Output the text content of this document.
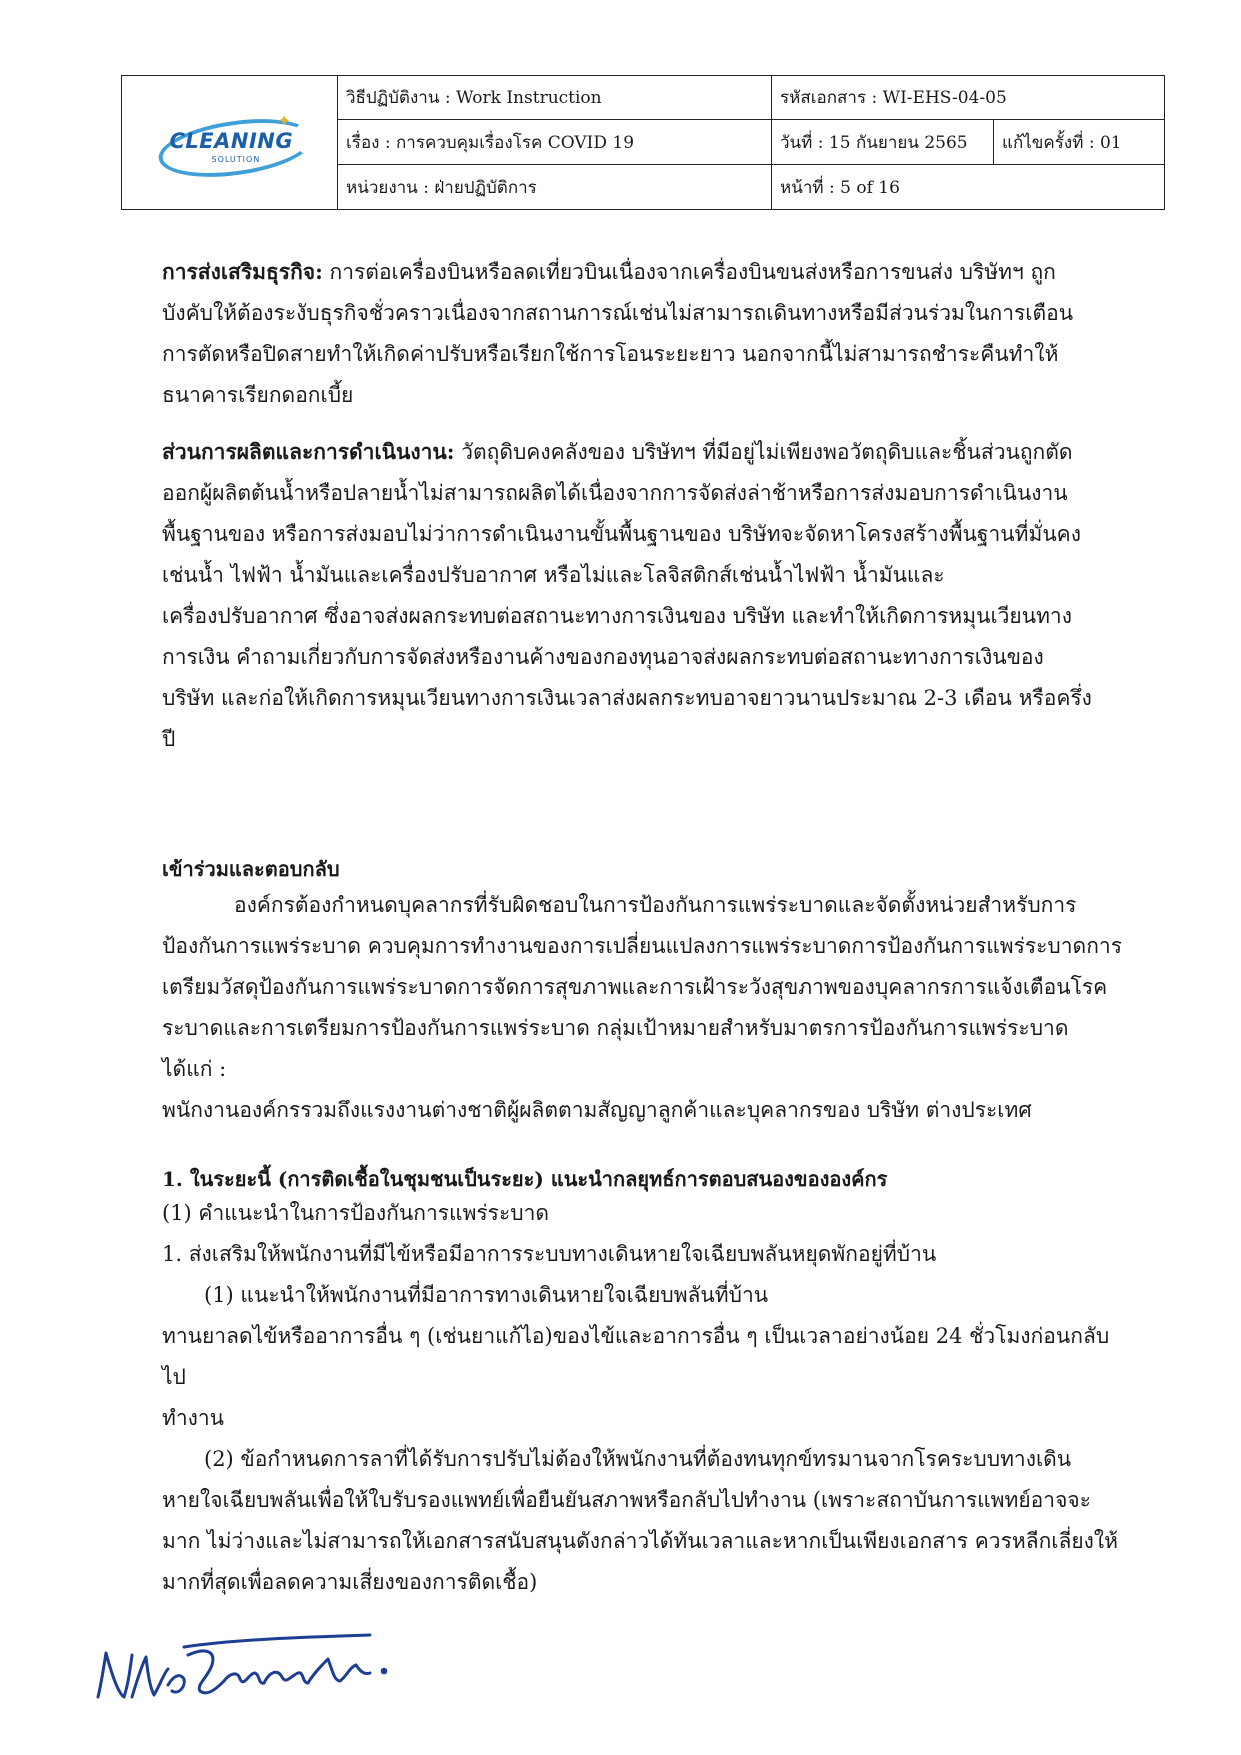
✦
CLEANING
SOLUTION	วิธีปฏิบัติงาน : Work Instruction	รหัสเอกสาร : WI-EHS-04-05	
	เรื่อง : การควบคุมเรื่องโรค COVID 19	วันที่ : 15 กันยายน 2565	แก้ไขครั้งที่ : 01
	หน่วยงาน : ฝ่ายปฏิบัติการ	หน้าที่ : 5 of 16	

การส่งเสริมธุรกิจ: การต่อเครื่องบินหรือลดเที่ยวบินเนื่องจากเครื่องบินขนส่งหรือการขนส่ง บริษัทฯ ถูก

บังคับให้ต้องระงับธุรกิจชั่วคราวเนื่องจากสถานการณ์เช่นไม่สามารถเดินทางหรือมีส่วนร่วมในการเตือน

การตัดหรือปิดสายทำให้เกิดค่าปรับหรือเรียกใช้การโอนระยะยาว นอกจากนี้ไม่สามารถชำระคืนทำให้

ธนาคารเรียกดอกเบี้ย

ส่วนการผลิตและการดำเนินงาน: วัตถุดิบคงคลังของ บริษัทฯ ที่มีอยู่ไม่เพียงพอวัตถุดิบและชิ้นส่วนถูกตัด

ออกผู้ผลิตต้นน้ำหรือปลายน้ำไม่สามารถผลิตได้เนื่องจากการจัดส่งล่าช้าหรือการส่งมอบการดำเนินงาน

พื้นฐานของ หรือการส่งมอบไม่ว่าการดำเนินงานขั้นพื้นฐานของ บริษัทจะจัดหาโครงสร้างพื้นฐานที่มั่นคง

เช่นน้ำ ไฟฟ้า น้ำมันและเครื่องปรับอากาศ หรือไม่และโลจิสติกส์เช่นน้ำไฟฟ้า น้ำมันและ

เครื่องปรับอากาศ ซึ่งอาจส่งผลกระทบต่อสถานะทางการเงินของ บริษัท และทำให้เกิดการหมุนเวียนทาง

การเงิน คำถามเกี่ยวกับการจัดส่งหรืองานค้างของกองทุนอาจส่งผลกระทบต่อสถานะทางการเงินของ

บริษัท และก่อให้เกิดการหมุนเวียนทางการเงินเวลาส่งผลกระทบอาจยาวนานประมาณ 2-3 เดือน หรือครึ่ง

ปี

เข้าร่วมและตอบกลับ

องค์กรต้องกำหนดบุคลากรที่รับผิดชอบในการป้องกันการแพร่ระบาดและจัดตั้งหน่วยสำหรับการ

ป้องกันการแพร่ระบาด ควบคุมการทำงานของการเปลี่ยนแปลงการแพร่ระบาดการป้องกันการแพร่ระบาดการ

เตรียมวัสดุป้องกันการแพร่ระบาดการจัดการสุขภาพและการเฝ้าระวังสุขภาพของบุคลากรการแจ้งเตือนโรค

ระบาดและการเตรียมการป้องกันการแพร่ระบาด กลุ่มเป้าหมายสำหรับมาตรการป้องกันการแพร่ระบาด ได้แก่ :

พนักงานองค์กรรวมถึงแรงงานต่างชาติผู้ผลิตตามสัญญาลูกค้าและบุคลากรของ บริษัท ต่างประเทศ

1. ในระยะนี้ (การติดเชื้อในชุมชนเป็นระยะ) แนะนำกลยุทธ์การตอบสนองขององค์กร

(1) คำแนะนำในการป้องกันการแพร่ระบาด

1. ส่งเสริมให้พนักงานที่มีไข้หรือมีอาการระบบทางเดินหายใจเฉียบพลันหยุดพักอยู่ที่บ้าน

(1) แนะนำให้พนักงานที่มีอาการทางเดินหายใจเฉียบพลันที่บ้าน

ทานยาลดไข้หรืออาการอื่น ๆ (เช่นยาแก้ไอ)ของไข้และอาการอื่น ๆ เป็นเวลาอย่างน้อย 24 ชั่วโมงก่อนกลับไป

ทำงาน

(2) ข้อกำหนดการลาที่ได้รับการปรับไม่ต้องให้พนักงานที่ต้องทนทุกข์ทรมานจากโรคระบบทางเดิน

หายใจเฉียบพลันเพื่อให้ใบรับรองแพทย์เพื่อยืนยันสภาพหรือกลับไปทำงาน (เพราะสถาบันการแพทย์อาจจะ

มาก ไม่ว่างและไม่สามารถให้เอกสารสนับสนุนดังกล่าวได้ทันเวลาและหากเป็นเพียงเอกสาร ควรหลีกเลี่ยงให้

มากที่สุดเพื่อลดความเสี่ยงของการติดเชื้อ)
